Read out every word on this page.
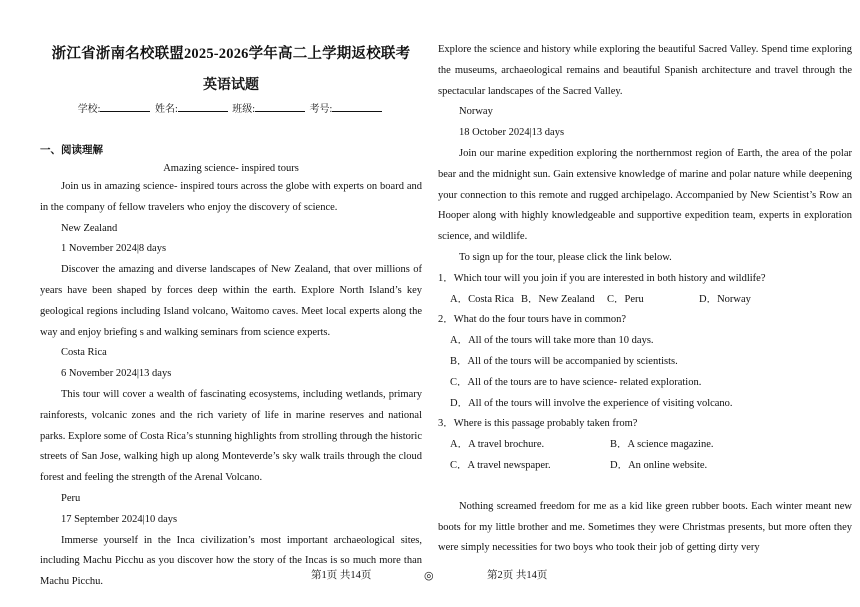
浙江省浙南名校联盟2025-2026学年高二上学期返校联考
英语试题
学校:	姓名:	班级:	考号:
一、阅读理解
Amazing science- inspired tours

Join us in amazing science- inspired tours across the globe with experts on board and in the company of fellow travelers who enjoy the discovery of science.

New Zealand

1 November 2024|8 days

Discover the amazing and diverse landscapes of New Zealand, that over millions of years have been shaped by forces deep within the earth. Explore North Island’s key geological regions including Island volcano, Waitomo caves. Meet local experts along the way and enjoy briefing s and walking seminars from science experts.

Costa Rica

6 November 2024|13 days

This tour will cover a wealth of fascinating ecosystems, including wetlands, primary rainforests, volcanic zones and the rich variety of life in marine reserves and national parks. Explore some of Costa Rica’s stunning highlights from strolling through the historic streets of San Jose, walking high up along Monteverde’s sky walk trails through the cloud forest and feeling the strength of the Arenal Volcano.

Peru

17 September 2024|10 days

Immerse yourself in the Inca civilization’s most important archaeological sites, including Machu Picchu as you discover how the story of the Incas is so much more than Machu Picchu.

第1页 共14页	◎

Explore the science and history while exploring the beautiful Sacred Valley. Spend time exploring the museums, archaeological remains and beautiful Spanish architecture and travel through the spectacular landscapes of the Sacred Valley.

Norway

18 October 2024|13 days

Join our marine expedition exploring the northernmost region of Earth, the area of the polar bear and the midnight sun. Gain extensive knowledge of marine and polar nature while deepening your connection to this remote and rugged archipelago. Accompanied by New Scientist’s Row an Hooper along with highly knowledgeable and supportive expedition team, experts in exploration science, and wildlife.

To sign up for the tour, please click the link below.

1．Which tour will you join if you are interested in both history and wildlife?
A．Costa Rica B．New Zealand	C．Peru	D．Norway
2．What do the four tours have in common?
A．All of the tours will take more than 10 days.
B．All of the tours will be accompanied by scientists.
C．All of the tours are to have science- related exploration.
D．All of the tours will involve the experience of visiting volcano.
3．Where is this passage probably taken from?
A．A travel brochure.	B．A science magazine.
C．A travel newspaper.	D．An online website.

Nothing screamed freedom for me as a kid like green rubber boots. Each winter meant new boots for my little brother and me. Sometimes they were Christmas presents, but more often they were simply necessities for two boys who took their job of getting dirty very

第2页 共14页
